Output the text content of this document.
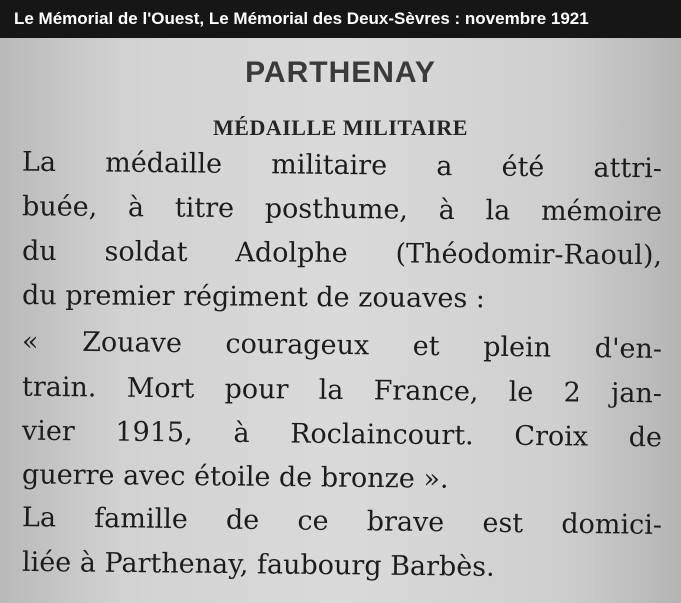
Le Mémorial de l'Ouest, Le Mémorial des Deux-Sèvres : novembre 1921
PARTHENAY
MÉDAILLE MILITAIRE
La médaille militaire a été attri-
buée, à titre posthume, à la mémoire
du soldat Adolphe (Théodomir-Raoul),
du premier régiment de zouaves :
« Zouave courageux et plein d'en-
train. Mort pour la France, le 2 jan-
vier 1915, à Roclaincourt. Croix de
guerre avec étoile de bronze ».
La famille de ce brave est domici-
liée à Parthenay, faubourg Barbès.
